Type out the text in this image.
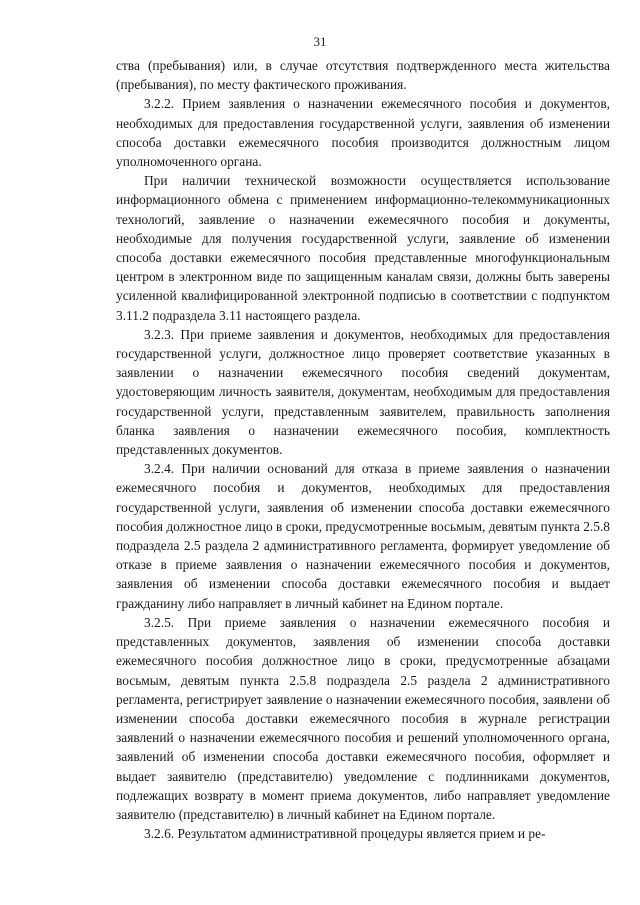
31

ства (пребывания) или, в случае отсутствия подтвержденного места жительства (пребывания), по месту фактического проживания.

3.2.2. Прием заявления о назначении ежемесячного пособия и документов, необходимых для предоставления государственной услуги, заявления об изменении способа доставки ежемесячного пособия производится должностным лицом уполномоченного органа.

При наличии технической возможности осуществляется использование информационного обмена с применением информационно-телекоммуникационных технологий, заявление о назначении ежемесячного пособия и документы, необходимые для получения государственной услуги, заявление об изменении способа доставки ежемесячного пособия представленные многофункциональным центром в электронном виде по защищенным каналам связи, должны быть заверены усиленной квалифицированной электронной подписью в соответствии с подпунктом 3.11.2 подраздела 3.11 настоящего раздела.

3.2.3. При приеме заявления и документов, необходимых для предоставления государственной услуги, должностное лицо проверяет соответствие указанных в заявлении о назначении ежемесячного пособия сведений документам, удостоверяющим личность заявителя, документам, необходимым для предоставления государственной услуги, представленным заявителем, правильность заполнения бланка заявления о назначении ежемесячного пособия, комплектность представленных документов.

3.2.4. При наличии оснований для отказа в приеме заявления о назначении ежемесячного пособия и документов, необходимых для предоставления государственной услуги, заявления об изменении способа доставки ежемесячного пособия должностное лицо в сроки, предусмотренные восьмым, девятым пункта 2.5.8 подраздела 2.5 раздела 2 административного регламента, формирует уведомление об отказе в приеме заявления о назначении ежемесячного пособия и документов, заявления об изменении способа доставки ежемесячного пособия и выдает гражданину либо направляет в личный кабинет на Едином портале.

3.2.5. При приеме заявления о назначении ежемесячного пособия и представленных документов, заявления об изменении способа доставки ежемесячного пособия должностное лицо в сроки, предусмотренные абзацами восьмым, девятым пункта 2.5.8 подраздела 2.5 раздела 2 административного регламента, регистрирует заявление о назначении ежемесячного пособия, заявлени об изменении способа доставки ежемесячного пособия в журнале регистрации заявлений о назначении ежемесячного пособия и решений уполномоченного органа, заявлений об изменении способа доставки ежемесячного пособия, оформляет и выдает заявителю (представителю) уведомление с подлинниками документов, подлежащих возврату в момент приема документов, либо направляет уведомление заявителю (представителю) в личный кабинет на Едином портале.

3.2.6. Результатом административной процедуры является прием и ре-
